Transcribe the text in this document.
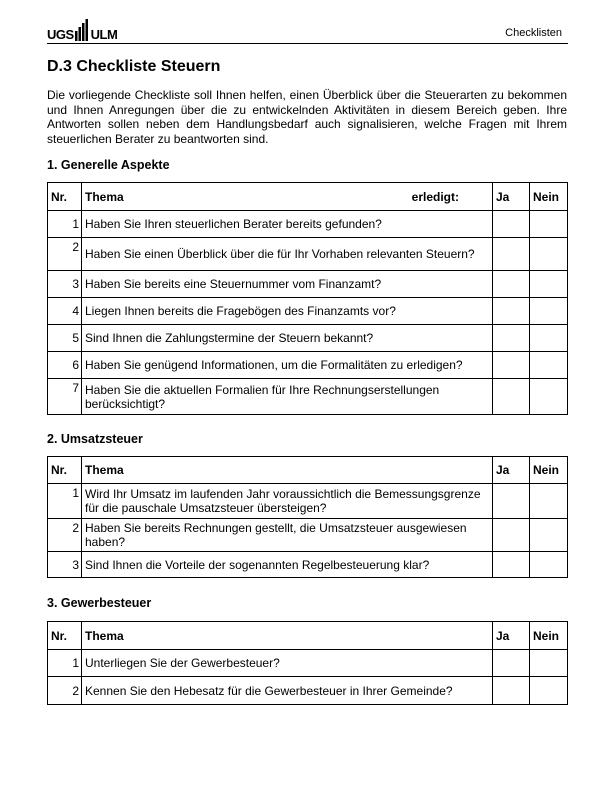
UGS ULM	Checklisten
D.3 Checkliste Steuern

Die vorliegende Checkliste soll Ihnen helfen, einen Überblick über die Steuerarten zu bekommen und Ihnen Anregungen über die zu entwickelnden Aktivitäten in diesem Bereich geben. Ihre Antworten sollen neben dem Handlungsbedarf auch signalisieren, welche Fragen mit Ihrem steuerlichen Berater zu beantworten sind.

1. Generelle Aspekte
Nr.	Thema erledigt:	Ja	Nein
1	Haben Sie Ihren steuerlichen Berater bereits gefunden?		
2	Haben Sie einen Überblick über die für Ihr Vorhaben relevanten Steuern?		
3	Haben Sie bereits eine Steuernummer vom Finanzamt?		
4	Liegen Ihnen bereits die Fragebögen des Finanzamts vor?		
5	Sind Ihnen die Zahlungstermine der Steuern bekannt?		
6	Haben Sie genügend Informationen, um die Formalitäten zu erledigen?		
7	Haben Sie die aktuellen Formalien für Ihre Rechnungserstellungen berücksichtigt?		
2. Umsatzsteuer
Nr.	Thema	Ja	Nein
1	Wird Ihr Umsatz im laufenden Jahr voraussichtlich die Bemessungsgrenze für die pauschale Umsatzsteuer übersteigen?		
2	Haben Sie bereits Rechnungen gestellt, die Umsatzsteuer ausgewiesen haben?		
3	Sind Ihnen die Vorteile der sogenannten Regelbesteuerung klar?		
3. Gewerbesteuer
Nr.	Thema	Ja	Nein
1	Unterliegen Sie der Gewerbesteuer?		
2	Kennen Sie den Hebesatz für die Gewerbesteuer in Ihrer Gemeinde?		
